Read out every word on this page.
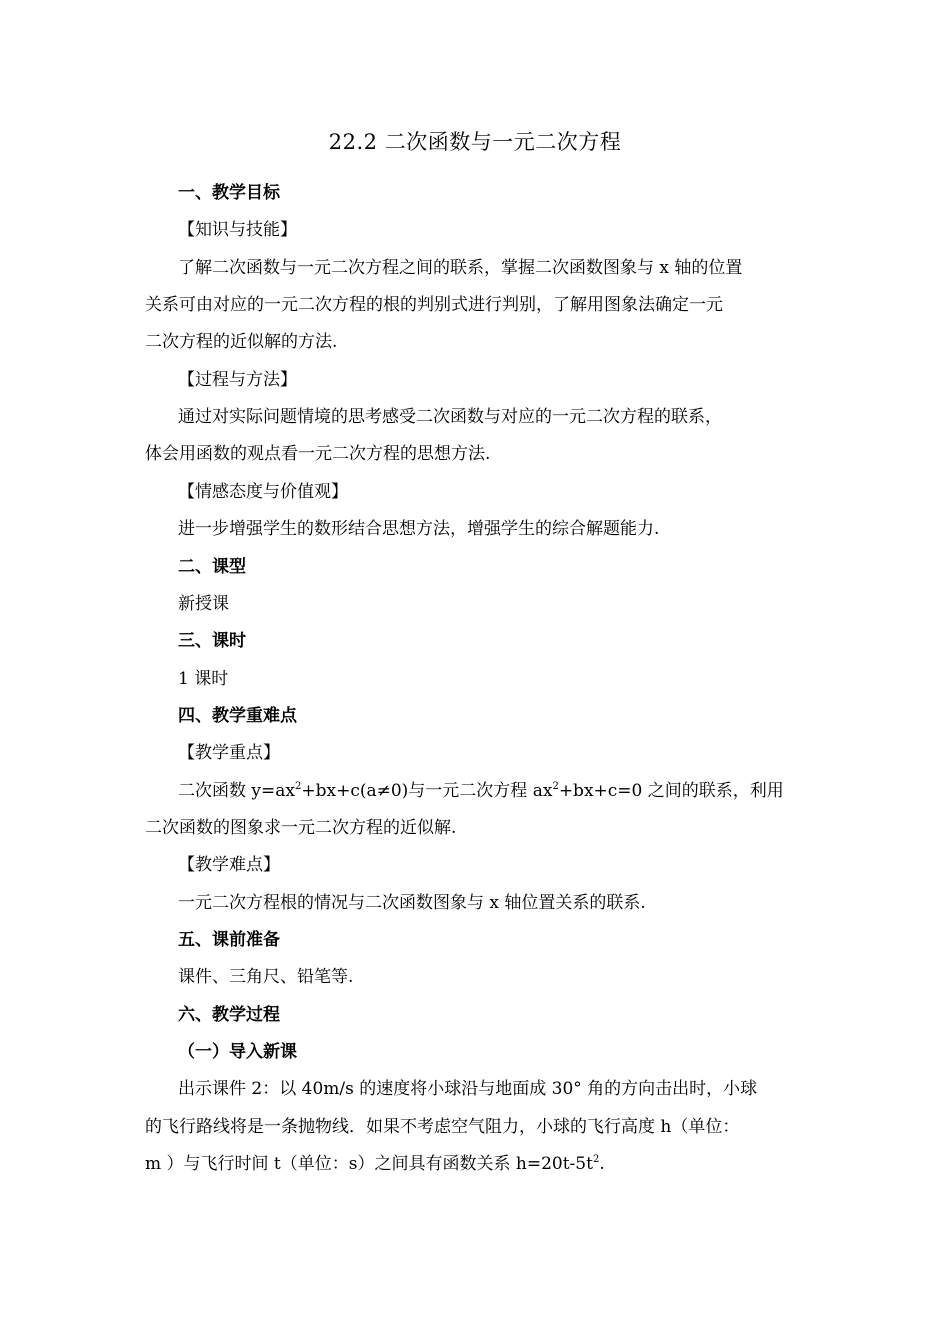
22.2 二次函数与一元二次方程
一、教学目标
【知识与技能】
了解二次函数与一元二次方程之间的联系，掌握二次函数图象与 x 轴的位置
关系可由对应的一元二次方程的根的判别式进行判别，了解用图象法确定一元
二次方程的近似解的方法.
【过程与方法】
通过对实际问题情境的思考感受二次函数与对应的一元二次方程的联系，
体会用函数的观点看一元二次方程的思想方法.
【情感态度与价值观】
进一步增强学生的数形结合思想方法，增强学生的综合解题能力.
二、课型
新授课
三、课时
1 课时
四、教学重难点
【教学重点】
二次函数 $y=ax^2+bx+c(a\ne 0)$与一元二次方程 $ax^2+bx+c=0$ 之间的联系，利用
二次函数的图象求一元二次方程的近似解.
【教学难点】
一元二次方程根的情况与二次函数图象与 x 轴位置关系的联系.
五、课前准备
课件、三角尺、铅笔等.
六、教学过程
（一）导入新课
出示课件 2：以 40m/s 的速度将小球沿与地面成 30° 角的方向击出时，小球
的飞行路线将是一条抛物线．如果不考虑空气阻力，小球的飞行高度 h（单位：
m ）与飞行时间 t（单位：s）之间具有函数关系 $h=20t-5t^2$.
